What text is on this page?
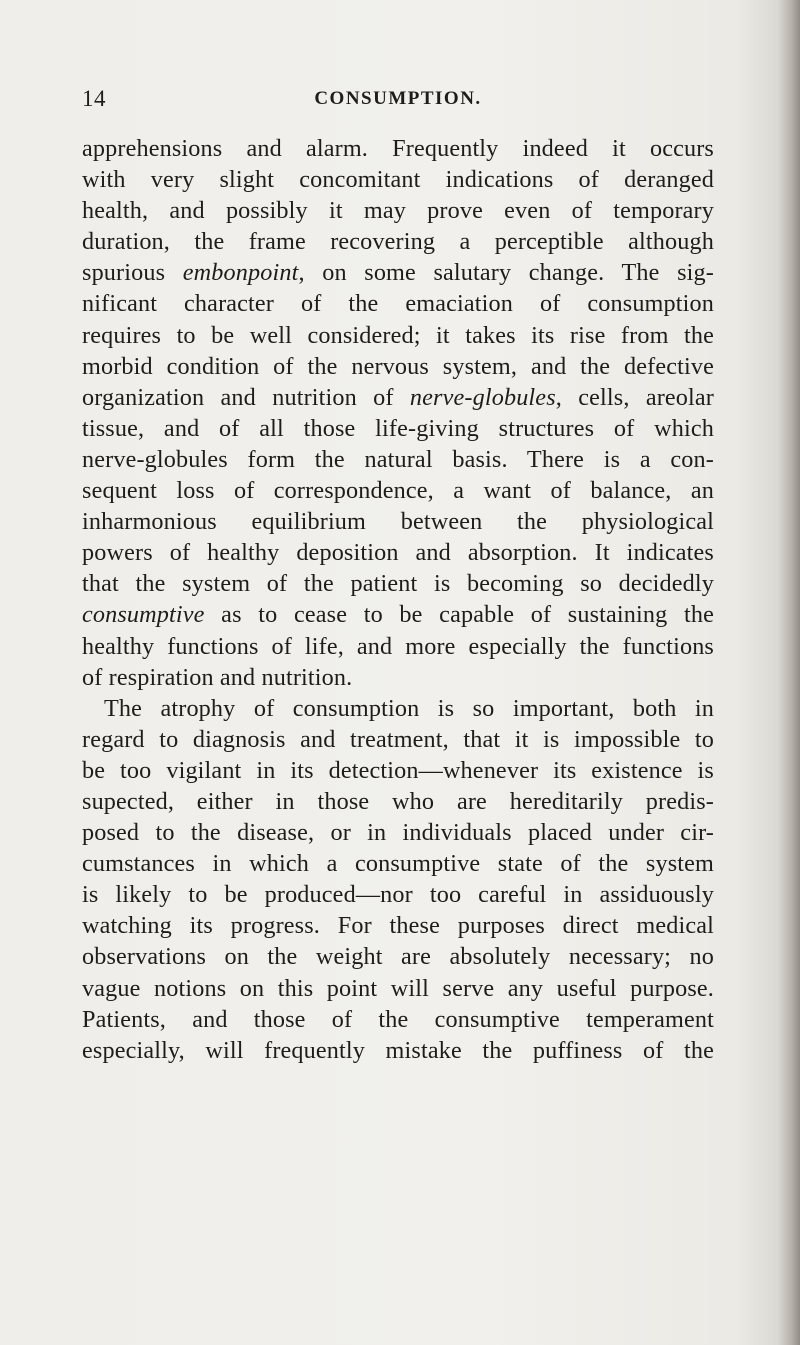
14	CONSUMPTION.
apprehensions and alarm. Frequently indeed it occurs
with very slight concomitant indications of deranged
health, and possibly it may prove even of temporary
duration, the frame recovering a perceptible although
spurious embonpoint, on some salutary change. The sig-
nificant character of the emaciation of consumption
requires to be well considered; it takes its rise from the
morbid condition of the nervous system, and the defective
organization and nutrition of nerve-globules, cells, areolar
tissue, and of all those life-giving structures of which
nerve-globules form the natural basis. There is a con-
sequent loss of correspondence, a want of balance, an
inharmonious equilibrium between the physiological
powers of healthy deposition and absorption. It indicates
that the system of the patient is becoming so decidedly
consumptive as to cease to be capable of sustaining the
healthy functions of life, and more especially the functions
of respiration and nutrition.
The atrophy of consumption is so important, both in
regard to diagnosis and treatment, that it is impossible to
be too vigilant in its detection—whenever its existence is
supected, either in those who are hereditarily predis-
posed to the disease, or in individuals placed under cir-
cumstances in which a consumptive state of the system
is likely to be produced—nor too careful in assiduously
watching its progress. For these purposes direct medical
observations on the weight are absolutely necessary; no
vague notions on this point will serve any useful purpose.
Patients, and those of the consumptive temperament
especially, will frequently mistake the puffiness of the
